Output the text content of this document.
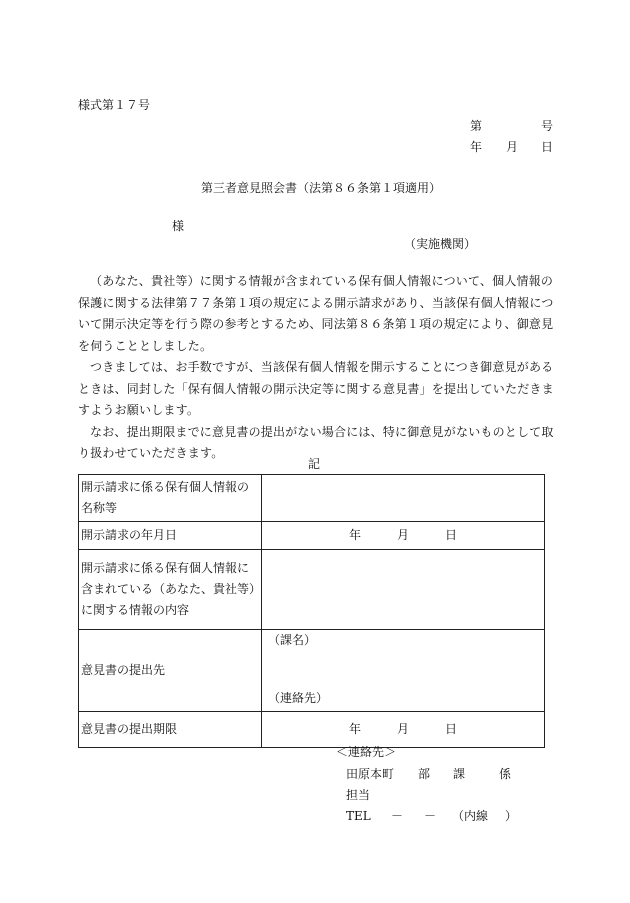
様式第１７号
第	号
年 月 日
第三者意見照会書（法第８６条第１項適用）
様
（実施機関）

（あなた、貴社等）に関する情報が含まれている保有個人情報について、個人情報の保護に関する法律第７７条第１項の規定による開示請求があり、当該保有個人情報について開示決定等を行う際の参考とするため、同法第８６条第１項の規定により、御意見を伺うこととしました。

つきましては、お手数ですが、当該保有個人情報を開示することにつき御意見があるときは、同封した「保有個人情報の開示決定等に関する意見書」を提出していただきますようお願いします。

なお、提出期限までに意見書の提出がない場合には、特に御意見がないものとして取り扱わせていただきます。

記
開示請求に係る保有個人情報の名称等	
開示請求の年月日	年 月 日
開示請求に係る保有個人情報に含まれている（あなた、貴社等）に関する情報の内容	
意見書の提出先	（課名）
（連絡先）

意見書の提出期限	年 月 日
＜連絡先＞
田原本町 部 課	係
担当
TEL － － （内線 ）
